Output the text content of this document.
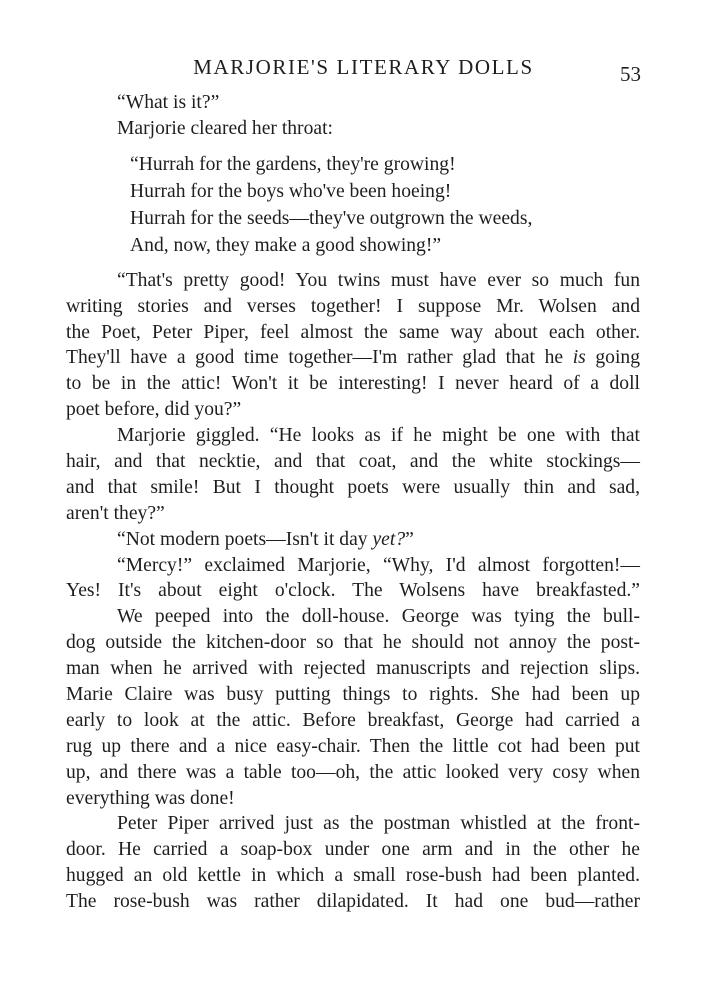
MARJORIE'S LITERARY DOLLS	53
“What is it?”
Marjorie cleared her throat:
“Hurrah for the gardens, they're growing!
Hurrah for the boys who've been hoeing!
Hurrah for the seeds—they've outgrown the weeds,
And, now, they make a good showing!”
“That's pretty good! You twins must have ever so much fun
writing stories and verses together! I suppose Mr. Wolsen and
the Poet, Peter Piper, feel almost the same way about each other.
They'll have a good time together—I'm rather glad that he is going
to be in the attic! Won't it be interesting! I never heard of a doll
poet before, did you?”
Marjorie giggled. “He looks as if he might be one with that
hair, and that necktie, and that coat, and the white stockings—
and that smile! But I thought poets were usually thin and sad,
aren't they?”
“Not modern poets—Isn't it day yet?”
“Mercy!” exclaimed Marjorie, “Why, I'd almost forgotten!—
Yes! It's about eight o'clock. The Wolsens have breakfasted.”
We peeped into the doll-house. George was tying the bull-
dog outside the kitchen-door so that he should not annoy the post-
man when he arrived with rejected manuscripts and rejection slips.
Marie Claire was busy putting things to rights. She had been up
early to look at the attic. Before breakfast, George had carried a
rug up there and a nice easy-chair. Then the little cot had been put
up, and there was a table too—oh, the attic looked very cosy when
everything was done!
Peter Piper arrived just as the postman whistled at the front-
door. He carried a soap-box under one arm and in the other he
hugged an old kettle in which a small rose-bush had been planted.
The rose-bush was rather dilapidated. It had one bud—rather
